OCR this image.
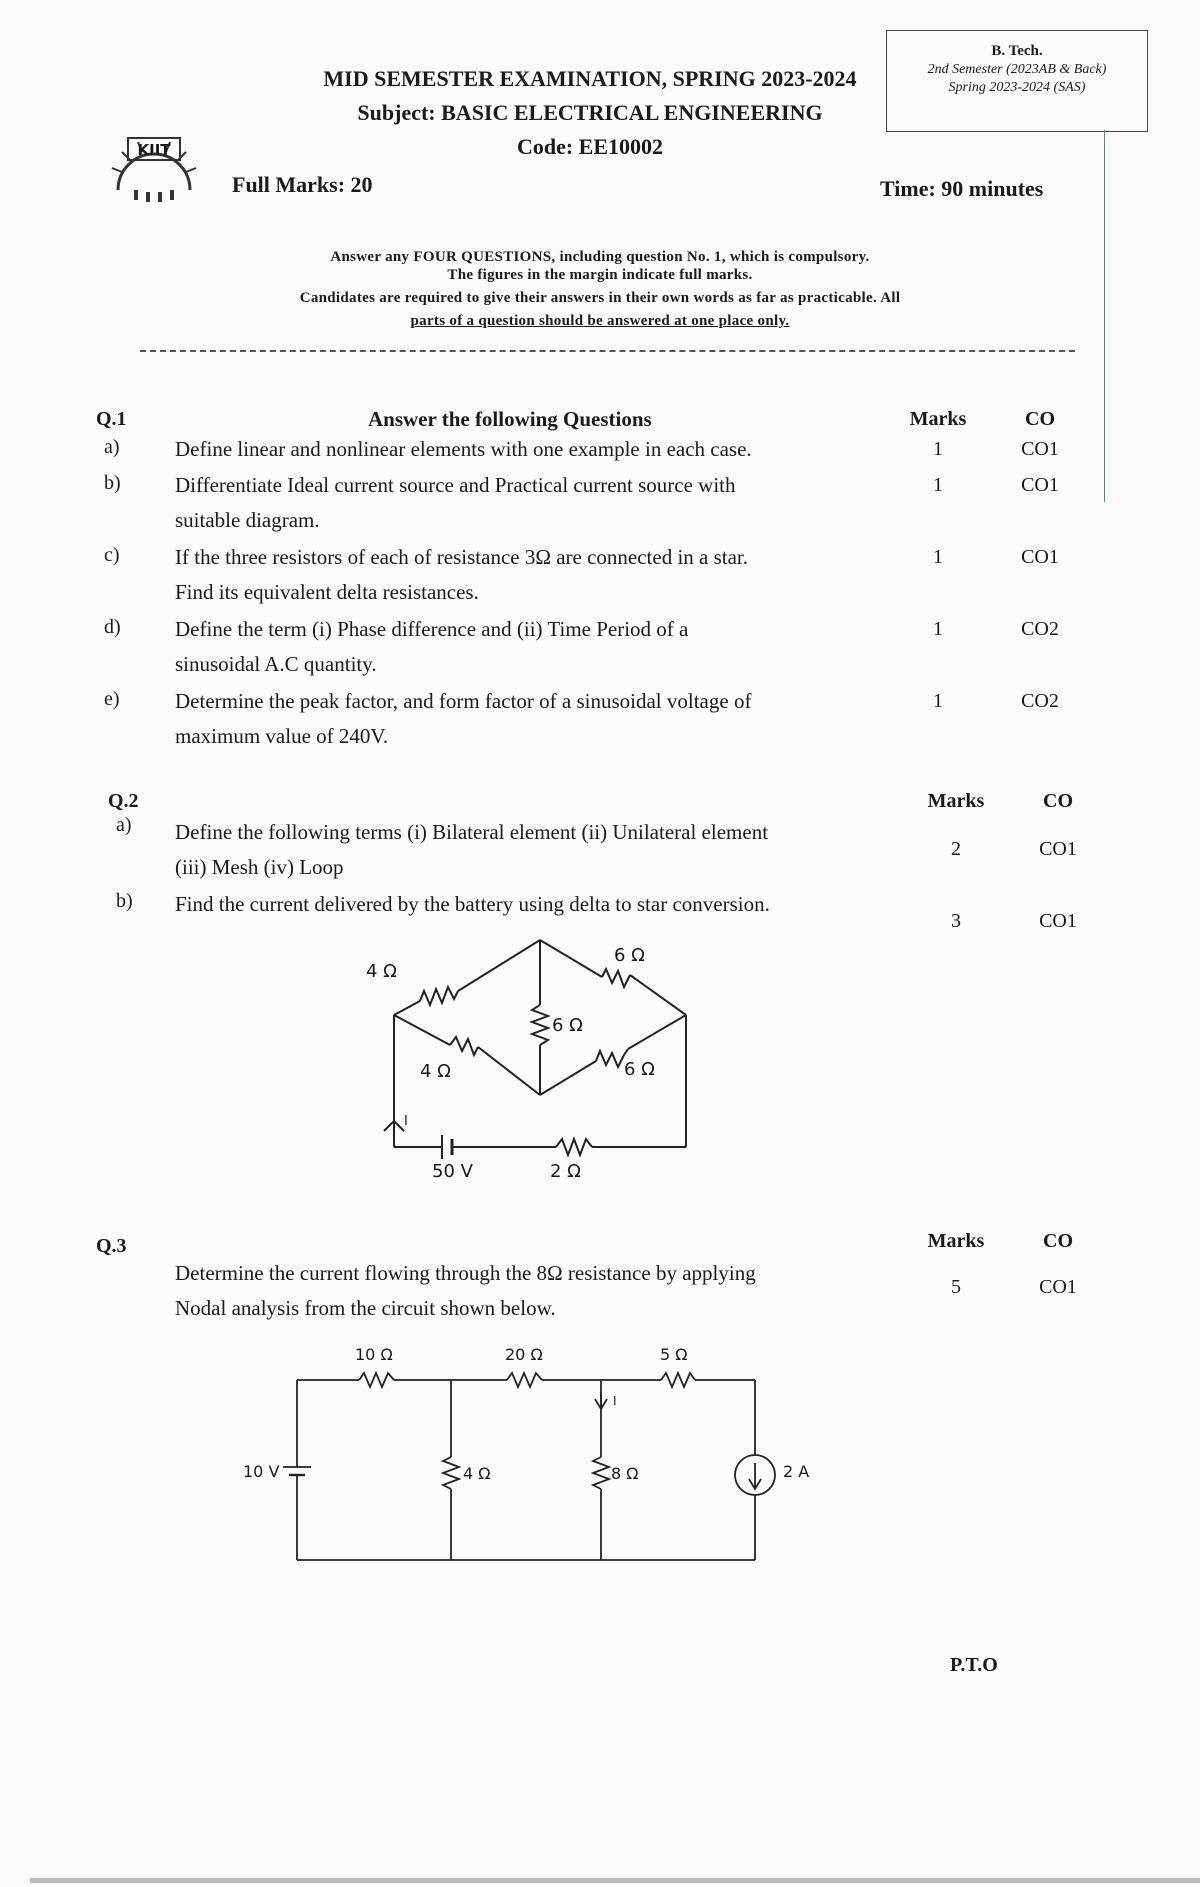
MID SEMESTER EXAMINATION, SPRING 2023-2024
Subject: BASIC ELECTRICAL ENGINEERING
Code: EE10002
KIIT
Full Marks: 20	Time: 90 minutes
B. Tech.
2nd Semester (2023AB & Back)
Spring 2023-2024 (SAS)
Answer any FOUR QUESTIONS, including question No. 1, which is compulsory.
The figures in the margin indicate full marks.
Candidates are required to give their answers in their own words as far as practicable. All
parts of a question should be answered at one place only.
Q.1	Answer the following Questions	Marks	CO
a)	Define linear and nonlinear elements with one example in each case.	1	CO1
b)	Differentiate Ideal current source and Practical current source with
suitable diagram.
1	CO1
c)	If the three resistors of each of resistance 3Ω are connected in a star.
Find its equivalent delta resistances.
1	CO1
d)	Define the term (i) Phase difference and (ii) Time Period of a
sinusoidal A.C quantity.
1	CO2
e)	Determine the peak factor, and form factor of a sinusoidal voltage of
maximum value of 240V.
1	CO2
Q.2	Marks	CO
a) Define the following terms (i) Bilateral element (ii) Unilateral element
(iii) Mesh (iv) Loop
2	CO1
b) Find the current delivered by the battery using delta to star conversion.
3	CO1
4 Ω
6 Ω
6 Ω
4 Ω	6 Ω
I
50 V	2 Ω
Q.3	Marks	CO
Determine the current flowing through the 8Ω resistance by applying
Nodal analysis from the circuit shown below.
5	CO1
10 Ω	20 Ω	5 Ω
10 V	4 Ω	8 Ω
I
2 A
P.T.O
